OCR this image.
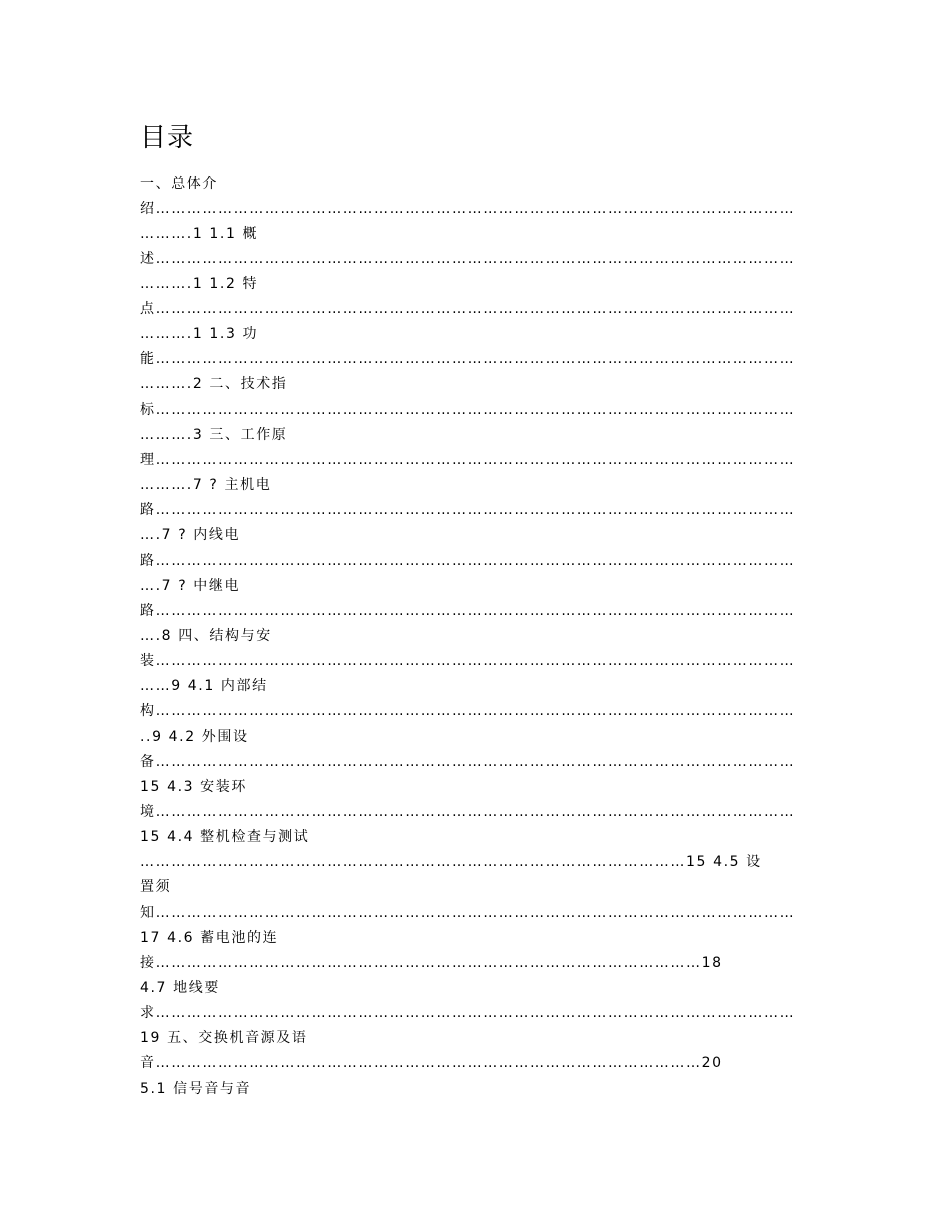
目录
一、总体介
绍……………………………………………………………………………………………………………
……….1 1.1 概
述……………………………………………………………………………………………………………
……….1 1.2 特
点……………………………………………………………………………………………………………
……….1 1.3 功
能……………………………………………………………………………………………………………
……….2 二、技术指
标……………………………………………………………………………………………………………
……….3 三、工作原
理……………………………………………………………………………………………………………
……….7 ? 主机电
路……………………………………………………………………………………………………………
….7 ? 内线电
路……………………………………………………………………………………………………………
….7 ? 中继电
路……………………………………………………………………………………………………………
….8 四、结构与安
装……………………………………………………………………………………………………………
……9 4.1 内部结
构……………………………………………………………………………………………………………
..9 4.2 外围设
备……………………………………………………………………………………………………………
15 4.3 安装环
境……………………………………………………………………………………………………………
15 4.4 整机检查与测试
……………………………………………………………………………………………15 4.5 设
置须
知……………………………………………………………………………………………………………
17 4.6 蓄电池的连
接……………………………………………………………………………………………18
4.7 地线要
求……………………………………………………………………………………………………………
19 五、交换机音源及语
音……………………………………………………………………………………………20
5.1 信号音与音
